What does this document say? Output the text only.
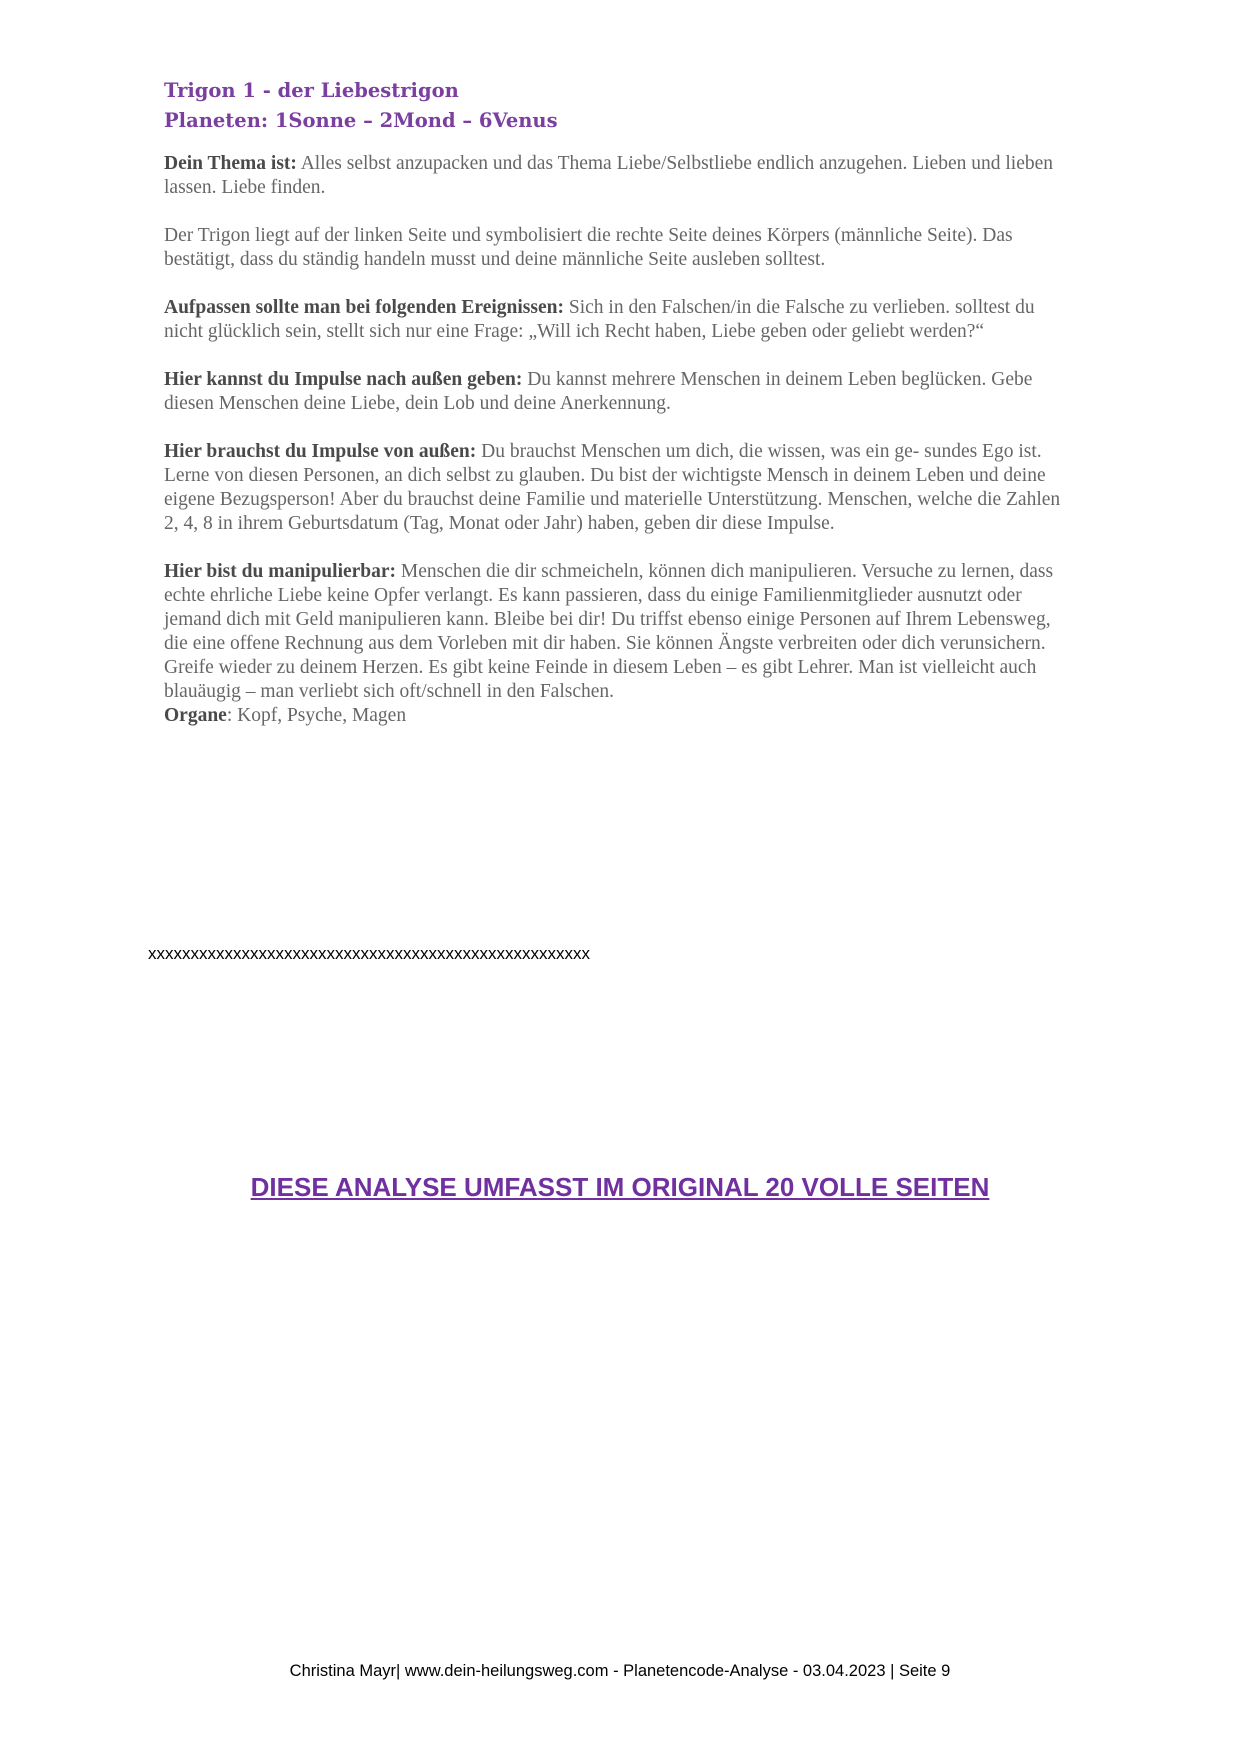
Trigon 1 - der Liebestrigon

Planeten: 1Sonne – 2Mond – 6Venus

Dein Thema ist: Alles selbst anzupacken und das Thema Liebe/Selbstliebe endlich anzugehen. Lieben und lieben lassen. Liebe finden.

Der Trigon liegt auf der linken Seite und symbolisiert die rechte Seite deines Körpers (männliche Seite). Das bestätigt, dass du ständig handeln musst und deine männliche Seite ausleben solltest.

Aufpassen sollte man bei folgenden Ereignissen: Sich in den Falschen/in die Falsche zu verlieben. solltest du nicht glücklich sein, stellt sich nur eine Frage: „Will ich Recht haben, Liebe geben oder geliebt werden?“

Hier kannst du Impulse nach außen geben: Du kannst mehrere Menschen in deinem Leben beglücken. Gebe diesen Menschen deine Liebe, dein Lob und deine Anerkennung.

Hier brauchst du Impulse von außen: Du brauchst Menschen um dich, die wissen, was ein ge- sundes Ego ist. Lerne von diesen Personen, an dich selbst zu glauben. Du bist der wichtigste Mensch in deinem Leben und deine eigene Bezugsperson! Aber du brauchst deine Familie und materielle Unterstützung. Menschen, welche die Zahlen 2, 4, 8 in ihrem Geburtsdatum (Tag, Monat oder Jahr) haben, geben dir diese Impulse.

Hier bist du manipulierbar: Menschen die dir schmeicheln, können dich manipulieren. Versuche zu lernen, dass echte ehrliche Liebe keine Opfer verlangt. Es kann passieren, dass du einige Familienmitglieder ausnutzt oder jemand dich mit Geld manipulieren kann. Bleibe bei dir! Du triffst ebenso einige Personen auf Ihrem Lebensweg, die eine offene Rechnung aus dem Vorleben mit dir haben. Sie können Ängste verbreiten oder dich verunsichern. Greife wieder zu deinem Herzen. Es gibt keine Feinde in diesem Leben – es gibt Lehrer. Man ist vielleicht auch blauäugig – man verliebt sich oft/schnell in den Falschen.

Organe: Kopf, Psyche, Magen

xxxxxxxxxxxxxxxxxxxxxxxxxxxxxxxxxxxxxxxxxxxxxxxxxxxx
DIESE ANALYSE UMFASST IM ORIGINAL 20 VOLLE SEITEN
Christina Mayr| www.dein-heilungsweg.com - Planetencode-Analyse - 03.04.2023 | Seite 9
